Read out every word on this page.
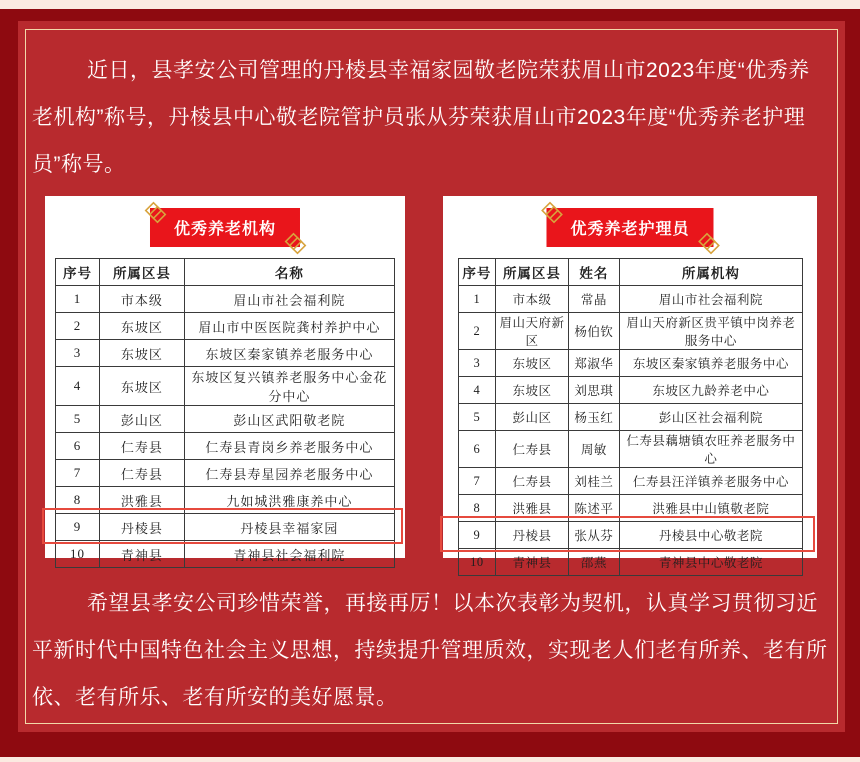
近日，县孝安公司管理的丹棱县幸福家园敬老院荣获眉山市2023年度“优秀养老机构”称号，丹棱县中心敬老院管护员张从芬荣获眉山市2023年度“优秀养老护理员”称号。

优秀养老机构
序号	所属区县	名称
1	市本级	眉山市社会福利院
2	东坡区	眉山市中医医院龚村养护中心
3	东坡区	东坡区秦家镇养老服务中心
4	东坡区	东坡区复兴镇养老服务中心金花分中心
5	彭山区	彭山区武阳敬老院
6	仁寿县	仁寿县青岗乡养老服务中心
7	仁寿县	仁寿县寿星园养老服务中心
8	洪雅县	九如城洪雅康养中心
9	丹棱县	丹棱县幸福家园
10	青神县	青神县社会福利院
优秀养老护理员
序号	所属区县	姓名	所属机构
1	市本级	常晶	眉山市社会福利院
2	眉山天府新区	杨伯钦	眉山天府新区贵平镇中岗养老服务中心
3	东坡区	郑淑华	东坡区秦家镇养老服务中心
4	东坡区	刘思琪	东坡区九龄养老中心
5	彭山区	杨玉红	彭山区社会福利院
6	仁寿县	周敏	仁寿县藕塘镇农旺养老服务中心
7	仁寿县	刘桂兰	仁寿县汪洋镇养老服务中心
8	洪雅县	陈述平	洪雅县中山镇敬老院
9	丹棱县	张从芬	丹棱县中心敬老院
10	青神县	邵燕	青神县中心敬老院

希望县孝安公司珍惜荣誉，再接再厉！以本次表彰为契机，认真学习贯彻习近平新时代中国特色社会主义思想，持续提升管理质效，实现老人们老有所养、老有所依、老有所乐、老有所安的美好愿景。
